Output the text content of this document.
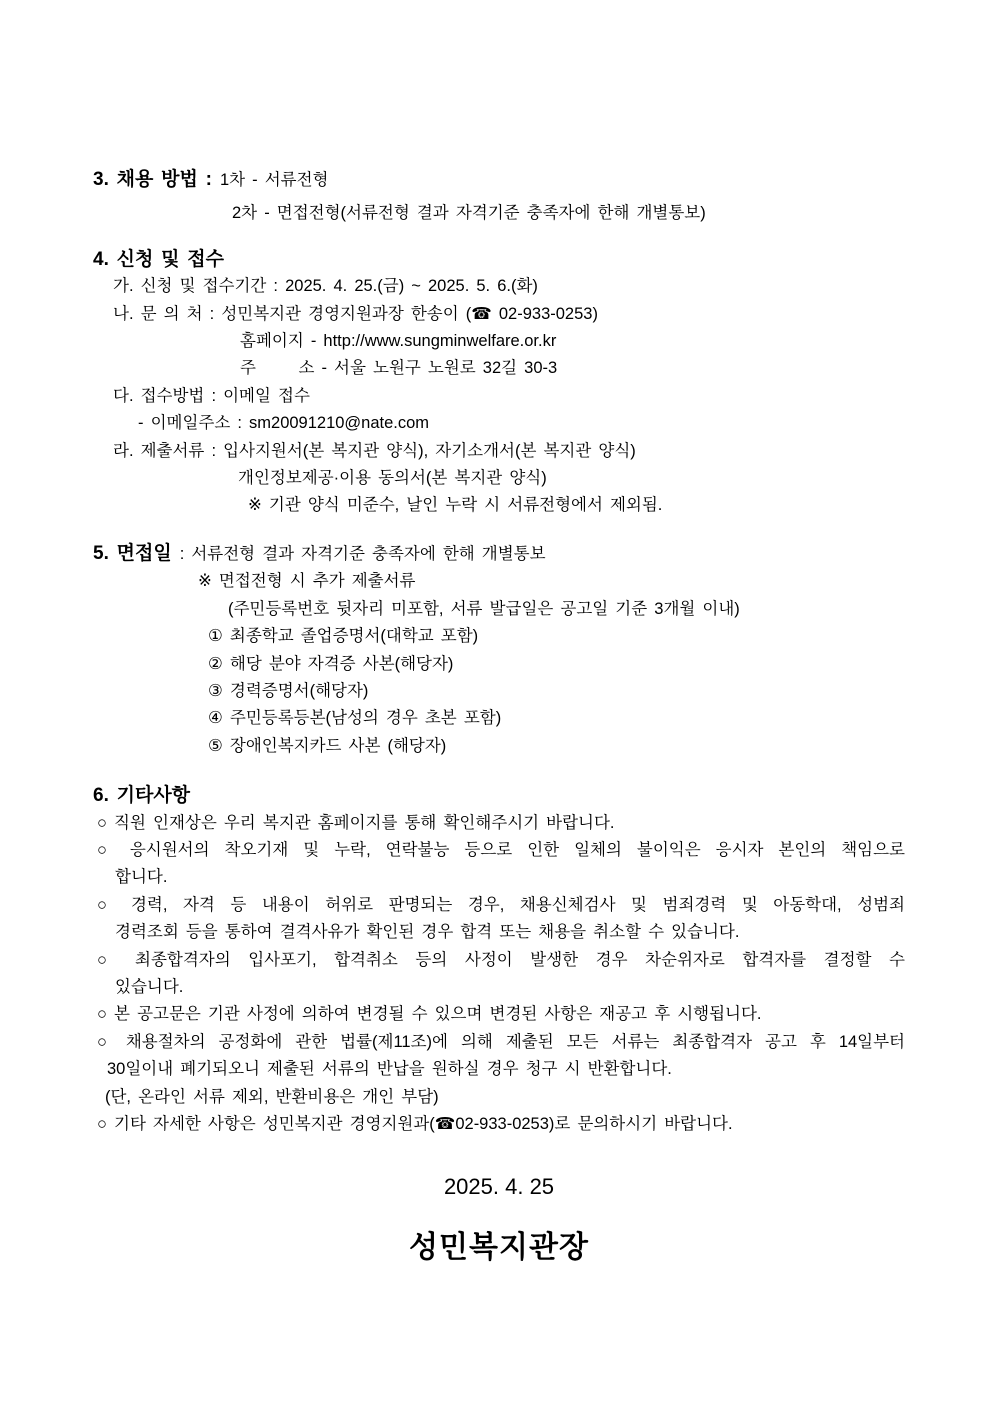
3. 채용 방법 : 1차 - 서류전형
2차 - 면접전형(서류전형 결과 자격기준 충족자에 한해 개별통보)
4. 신청 및 접수
가. 신청 및 접수기간 : 2025. 4. 25.(금) ~ 2025. 5. 6.(화)
나. 문 의 처 : 성민복지관 경영지원과장 한송이 (☎ 02-933-0253)
홈페이지 - http://www.sungminwelfare.or.kr
주      소 - 서울 노원구 노원로 32길 30-3
다. 접수방법 : 이메일 접수
- 이메일주소 : sm20091210@nate.com
라. 제출서류 : 입사지원서(본 복지관 양식), 자기소개서(본 복지관 양식)
개인정보제공·이용 동의서(본 복지관 양식)
※ 기관 양식 미준수, 날인 누락 시 서류전형에서 제외됨.
5. 면접일 : 서류전형 결과 자격기준 충족자에 한해 개별통보
※ 면접전형 시 추가 제출서류
(주민등록번호 뒷자리 미포함, 서류 발급일은 공고일 기준 3개월 이내)
① 최종학교 졸업증명서(대학교 포함)
② 해당 분야 자격증 사본(해당자)
③ 경력증명서(해당자)
④ 주민등록등본(남성의 경우 초본 포함)
⑤ 장애인복지카드 사본 (해당자)
6. 기타사항
○ 직원 인재상은 우리 복지관 홈페이지를 통해 확인해주시기 바랍니다.
○ 응시원서의 착오기재 및 누락, 연락불능 등으로 인한 일체의 불이익은 응시자 본인의 책임으로
합니다.
○ 경력, 자격 등 내용이 허위로 판명되는 경우, 채용신체검사 및 범죄경력 및 아동학대, 성범죄
경력조회 등을 통하여 결격사유가 확인된 경우 합격 또는 채용을 취소할 수 있습니다.
○ 최종합격자의 입사포기, 합격취소 등의 사정이 발생한 경우 차순위자로 합격자를 결정할 수
있습니다.
○ 본 공고문은 기관 사정에 의하여 변경될 수 있으며 변경된 사항은 재공고 후 시행됩니다.
○ 채용절차의 공정화에 관한 법률(제11조)에 의해 제출된 모든 서류는 최종합격자 공고 후 14일부터
30일이내 폐기되오니 제출된 서류의 반납을 원하실 경우 청구 시 반환합니다.
(단, 온라인 서류 제외, 반환비용은 개인 부담)
○ 기타 자세한 사항은 성민복지관 경영지원과(☎02-933-0253)로 문의하시기 바랍니다.
2025. 4. 25
성민복지관장
